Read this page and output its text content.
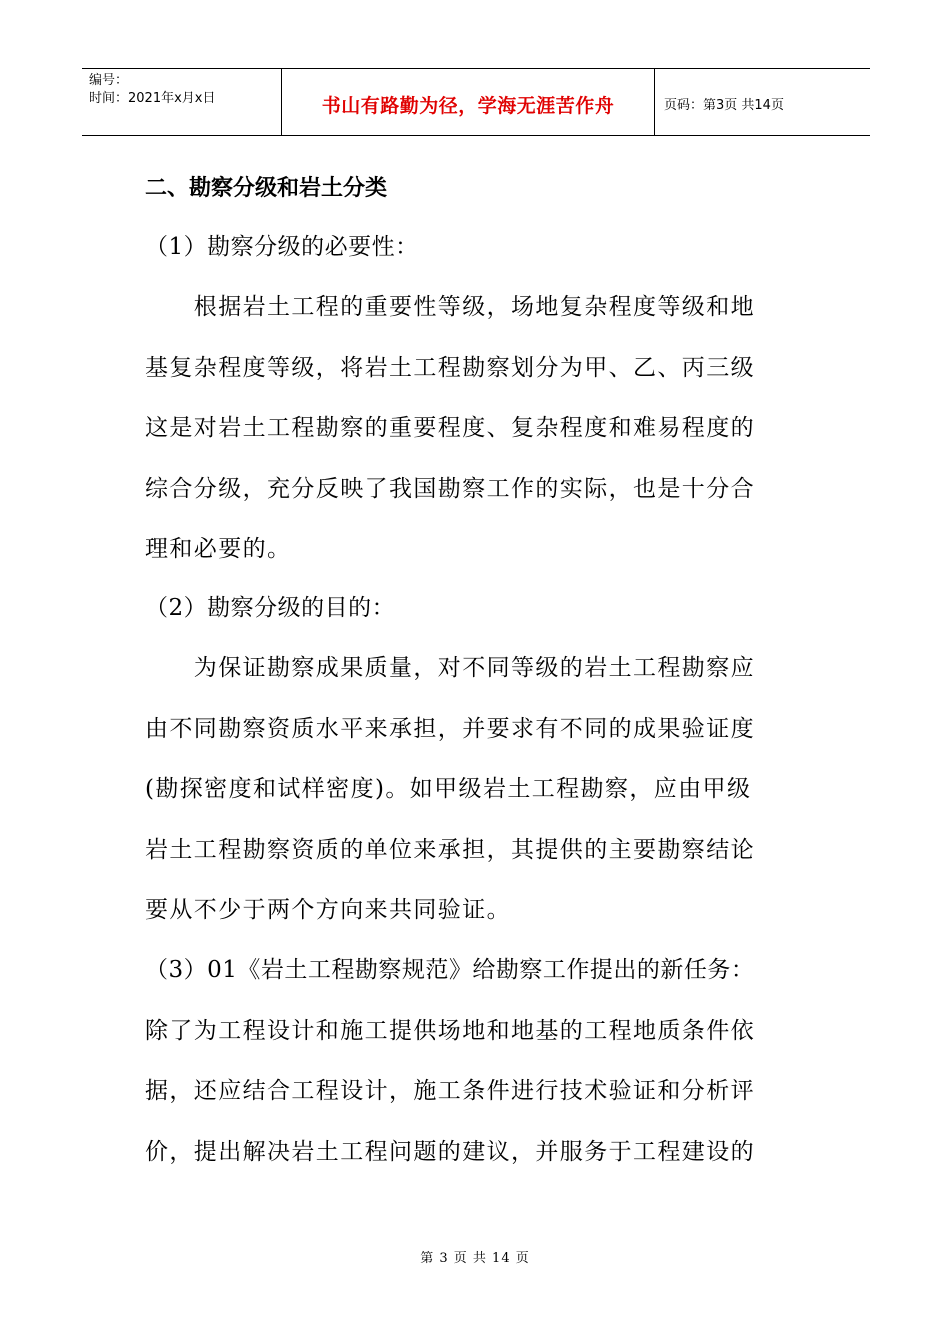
编号：
时间：2021年x月x日	书山有路勤为径，学海无涯苦作舟	页码：第3页 共14页
二、勘察分级和岩土分类

（1）勘察分级的必要性：

　　根据岩土工程的重要性等级，场地复杂程度等级和地

基复杂程度等级，将岩土工程勘察划分为甲、乙、丙三级

这是对岩土工程勘察的重要程度、复杂程度和难易程度的

综合分级，充分反映了我国勘察工作的实际，也是十分合

理和必要的。

（2）勘察分级的目的：

　　为保证勘察成果质量，对不同等级的岩土工程勘察应

由不同勘察资质水平来承担，并要求有不同的成果验证度

(勘探密度和试样密度)。如甲级岩土工程勘察，应由甲级

岩土工程勘察资质的单位来承担，其提供的主要勘察结论

要从不少于两个方向来共同验证。

（3）01《岩土工程勘察规范》给勘察工作提出的新任务：

除了为工程设计和施工提供场地和地基的工程地质条件依

据，还应结合工程设计，施工条件进行技术验证和分析评

价，提出解决岩土工程问题的建议，并服务于工程建设的

第 3 页 共 14 页
